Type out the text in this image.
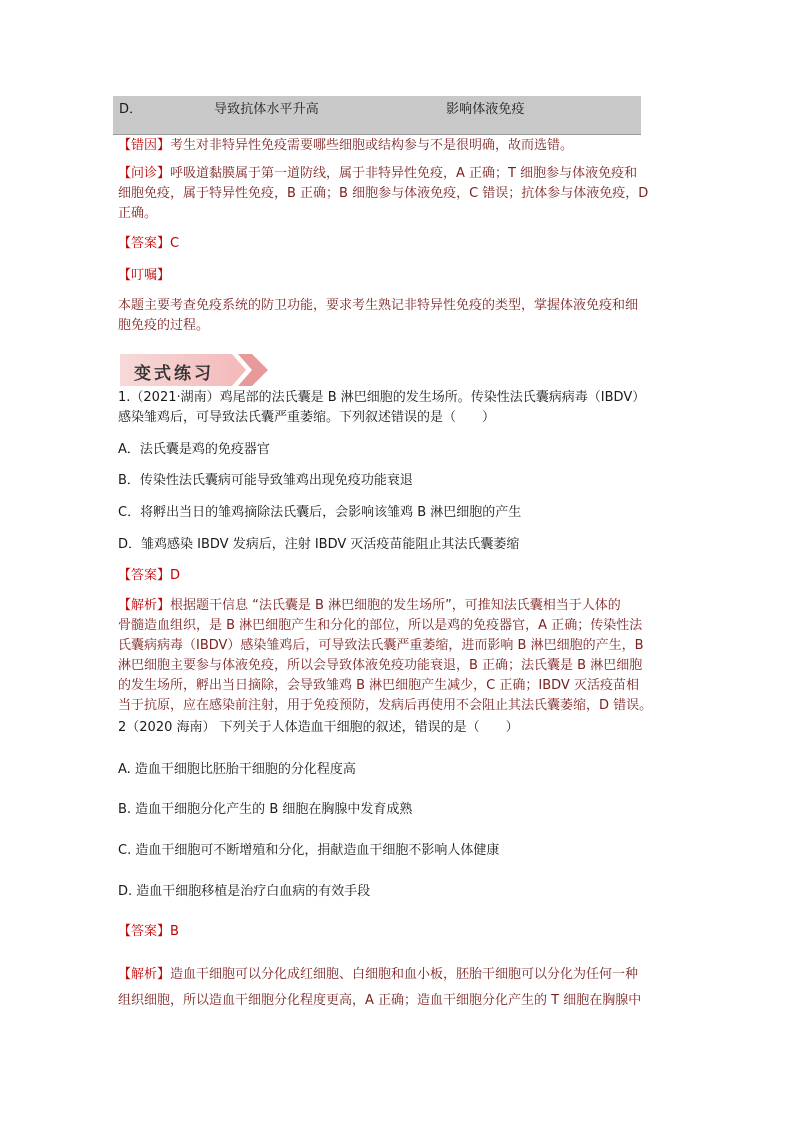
D．	导致抗体水平升高	影响体液免疫
【错因】考生对非特异性免疫需要哪些细胞或结构参与不是很明确，故而选错。
【问诊】呼吸道黏膜属于第一道防线，属于非特异性免疫，A 正确；T 细胞参与体液免疫和
细胞免疫，属于特异性免疫，B 正确；B 细胞参与体液免疫，C 错误；抗体参与体液免疫，D
正确。
【答案】C
【叮嘱】
本题主要考查免疫系统的防卫功能，要求考生熟记非特异性免疫的类型，掌握体液免疫和细
胞免疫的过程。
变式练习
1.（2021·湖南）鸡尾部的法氏囊是 B 淋巴细胞的发生场所。传染性法氏囊病病毒（IBDV）
感染雏鸡后，可导致法氏囊严重萎缩。下列叙述错误的是（　　）
A．法氏囊是鸡的免疫器官
B．传染性法氏囊病可能导致雏鸡出现免疫功能衰退
C．将孵出当日的雏鸡摘除法氏囊后，会影响该雏鸡 B 淋巴细胞的产生
D．雏鸡感染 IBDV 发病后，注射 IBDV 灭活疫苗能阻止其法氏囊萎缩
【答案】D
【解析】根据题干信息 “法氏囊是 B 淋巴细胞的发生场所”，可推知法氏囊相当于人体的
骨髓造血组织，是 B 淋巴细胞产生和分化的部位，所以是鸡的免疫器官，A 正确；传染性法
氏囊病病毒（IBDV）感染雏鸡后，可导致法氏囊严重萎缩，进而影响 B 淋巴细胞的产生，B
淋巴细胞主要参与体液免疫，所以会导致体液免疫功能衰退，B 正确；法氏囊是 B 淋巴细胞
的发生场所，孵出当日摘除，会导致雏鸡 B 淋巴细胞产生减少，C 正确；IBDV 灭活疫苗相
当于抗原，应在感染前注射，用于免疫预防，发病后再使用不会阻止其法氏囊萎缩，D 错误。
2（2020 海南） 下列关于人体造血干细胞的叙述，错误的是（　　）
A. 造血干细胞比胚胎干细胞的分化程度高
B. 造血干细胞分化产生的 B 细胞在胸腺中发育成熟
C. 造血干细胞可不断增殖和分化，捐献造血干细胞不影响人体健康
D. 造血干细胞移植是治疗白血病的有效手段
【答案】B
【解析】造血干细胞可以分化成红细胞、白细胞和血小板，胚胎干细胞可以分化为任何一种
组织细胞，所以造血干细胞分化程度更高，A 正确；造血干细胞分化产生的 T 细胞在胸腺中
